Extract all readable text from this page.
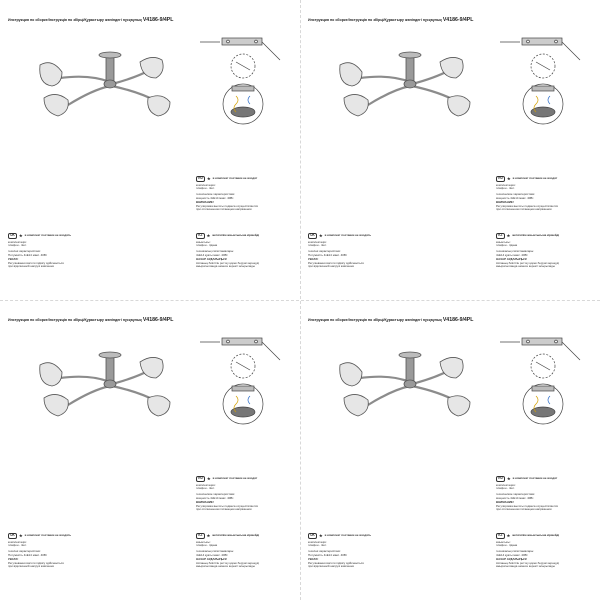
Инструкция по сборке/Інструкція по збірці/Құрастыру жөніндегі нұсқаулық V4186-9/4PL
RU	★ в комплект поставки не входят
комплектация:
плафон - 4шт.
технические характеристики:
мощность 4xE14 макс. 40Вт.
ВНИМАНИЕ!
Регулировка высоты подвеса осуществляется
при отключенном питающем напряжении
UK	★ в комплект поставки не входять
комплектація:
плафон - 4шт.
технічні характеристики:
Потужність 4xE14 макс. 40Вт
УВАГА!
Регулювання висоти підвісу здійснюється
при відключеній напрузі живлення
KZ	★ жеткізілім жиынтығына кірмейді
жиынтығы:
плафон - 4дана
техникалық сипаттамалары:
4xE14 қуаты макс. 40Вт
НАЗАР АУДАРЫҢЫЗ!
Аспаның биіктігін реттеу қорек беруші кернеуді
ажыратылғанда немесе керекті асырылады
Инструкция по сборке/Інструкція по збірці/Құрастыру жөніндегі нұсқаулық V4186-9/4PL
RU	★ в комплект поставки не входят
комплектация:
плафон - 4шт.
технические характеристики:
мощность 4xE14 макс. 40Вт.
ВНИМАНИЕ!
Регулировка высоты подвеса осуществляется
при отключенном питающем напряжении
UK	★ в комплект поставки не входять
комплектація:
плафон - 4шт.
технічні характеристики:
Потужність 4xE14 макс. 40Вт
УВАГА!
Регулювання висоти підвісу здійснюється
при відключеній напрузі живлення
KZ	★ жеткізілім жиынтығына кірмейді
жиынтығы:
плафон - 4дана
техникалық сипаттамалары:
4xE14 қуаты макс. 40Вт
НАЗАР АУДАРЫҢЫЗ!
Аспаның биіктігін реттеу қорек беруші кернеуді
ажыратылғанда немесе керекті асырылады
Инструкция по сборке/Інструкція по збірці/Құрастыру жөніндегі нұсқаулық V4186-9/4PL
RU	★ в комплект поставки не входят
комплектация:
плафон - 4шт.
технические характеристики:
мощность 4xE14 макс. 40Вт.
ВНИМАНИЕ!
Регулировка высоты подвеса осуществляется
при отключенном питающем напряжении
UK	★ в комплект поставки не входять
комплектація:
плафон - 4шт.
технічні характеристики:
Потужність 4xE14 макс. 40Вт
УВАГА!
Регулювання висоти підвісу здійснюється
при відключеній напрузі живлення
KZ	★ жеткізілім жиынтығына кірмейді
жиынтығы:
плафон - 4дана
техникалық сипаттамалары:
4xE14 қуаты макс. 40Вт
НАЗАР АУДАРЫҢЫЗ!
Аспаның биіктігін реттеу қорек беруші кернеуді
ажыратылғанда немесе керекті асырылады
Инструкция по сборке/Інструкція по збірці/Құрастыру жөніндегі нұсқаулық V4186-9/4PL
RU	★ в комплект поставки не входят
комплектация:
плафон - 4шт.
технические характеристики:
мощность 4xE14 макс. 40Вт.
ВНИМАНИЕ!
Регулировка высоты подвеса осуществляется
при отключенном питающем напряжении
UK	★ в комплект поставки не входять
комплектація:
плафон - 4шт.
технічні характеристики:
Потужність 4xE14 макс. 40Вт
УВАГА!
Регулювання висоти підвісу здійснюється
при відключеній напрузі живлення
KZ	★ жеткізілім жиынтығына кірмейді
жиынтығы:
плафон - 4дана
техникалық сипаттамалары:
4xE14 қуаты макс. 40Вт
НАЗАР АУДАРЫҢЫЗ!
Аспаның биіктігін реттеу қорек беруші кернеуді
ажыратылғанда немесе керекті асырылады
